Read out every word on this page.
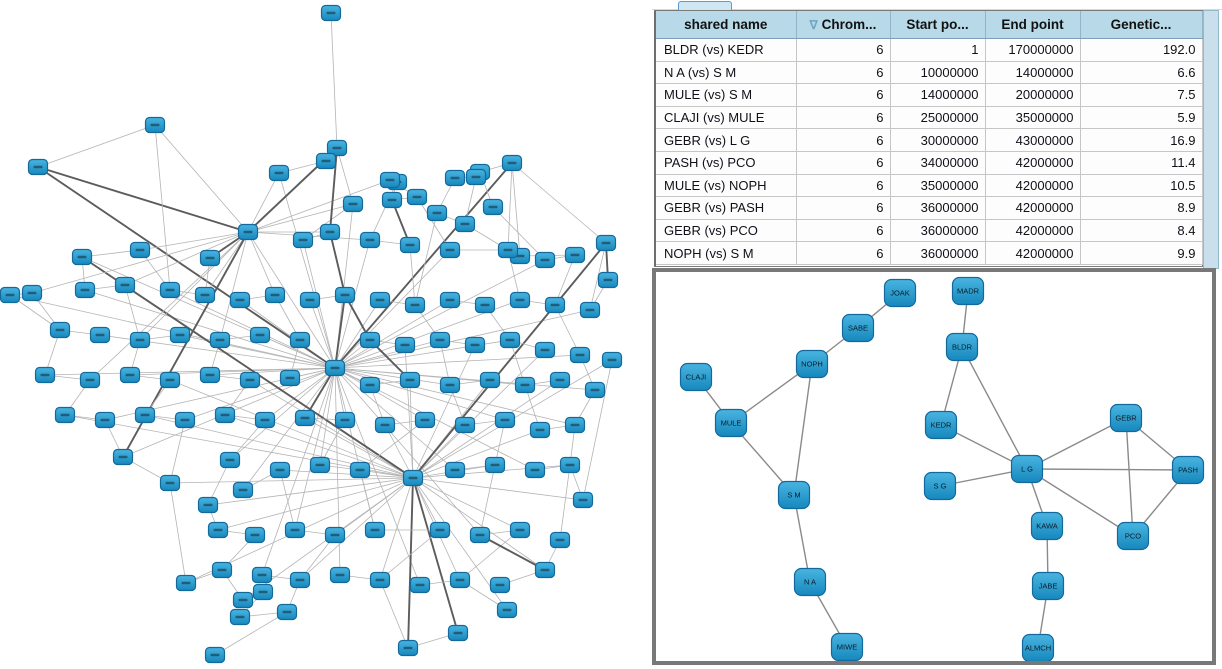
shared name	∇ Chrom...	Start po...	End point	Genetic...
BLDR (vs) KEDR	6	1	170000000	192.0
N A (vs) S M	6	10000000	14000000	6.6
MULE (vs) S M	6	14000000	20000000	7.5
CLAJI (vs) MULE	6	25000000	35000000	5.9
GEBR (vs) L G	6	30000000	43000000	16.9
PASH (vs) PCO	6	34000000	42000000	11.4
MULE (vs) NOPH	6	35000000	42000000	10.5
GEBR (vs) PASH	6	36000000	42000000	8.9
GEBR (vs) PCO	6	36000000	42000000	8.4
NOPH (vs) S M	6	36000000	42000000	9.9
CLAJI
MULE
NOPH
SABE
JOAK	MADR
BLDR
KEDR
S G
L G
GEBR
PASH
PCO
KAWA
JABE
ALMCH
S M
N A
MIWE
